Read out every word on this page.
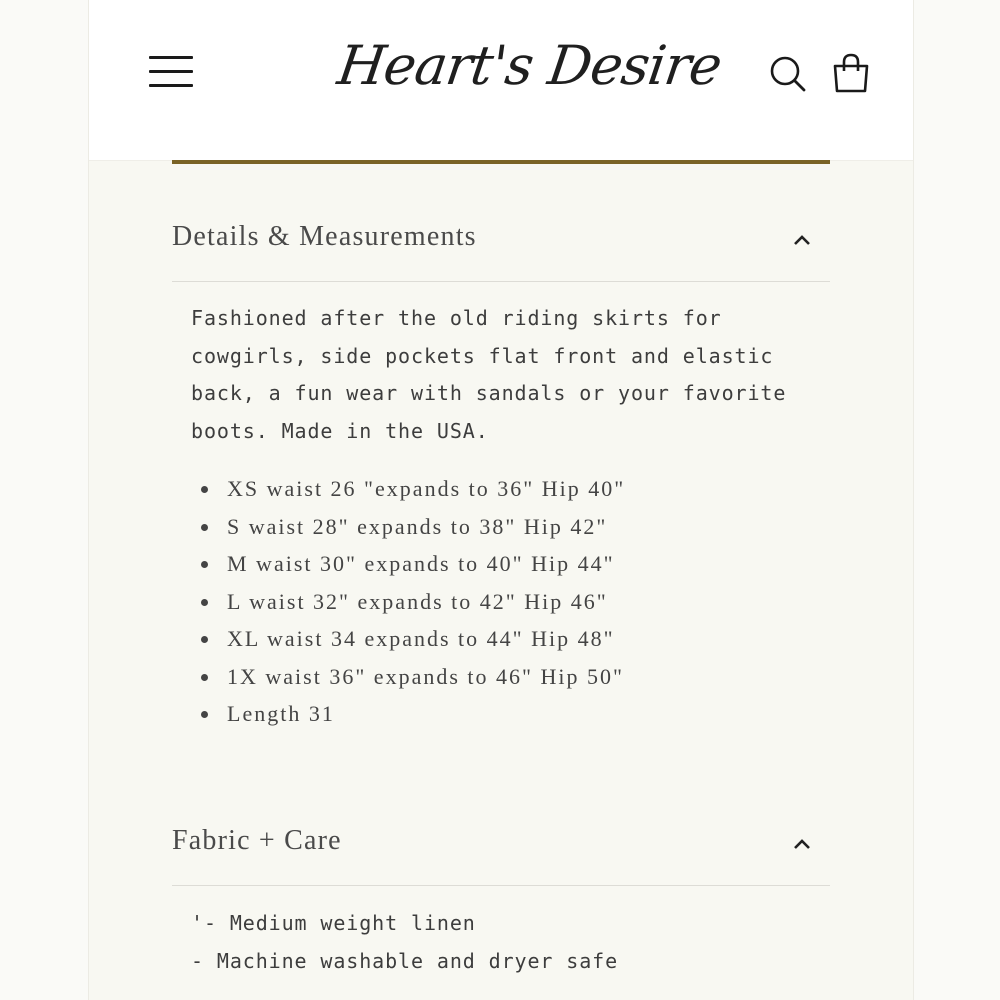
Heart's Desire
Details & Measurements

Fashioned after the old riding skirts for cowgirls, side pockets flat front and elastic back, a fun wear with sandals or your favorite boots. Made in the USA.

XS waist 26 "expands to 36" Hip 40"
S waist 28" expands to 38" Hip 42"
M waist 30" expands to 40" Hip 44"
L waist 32" expands to 42" Hip 46"
XL waist 34 expands to 44" Hip 48"
1X waist 36" expands to 46" Hip 50"
Length 31
Fabric + Care
'- Medium weight linen
- Machine washable and dryer safe
